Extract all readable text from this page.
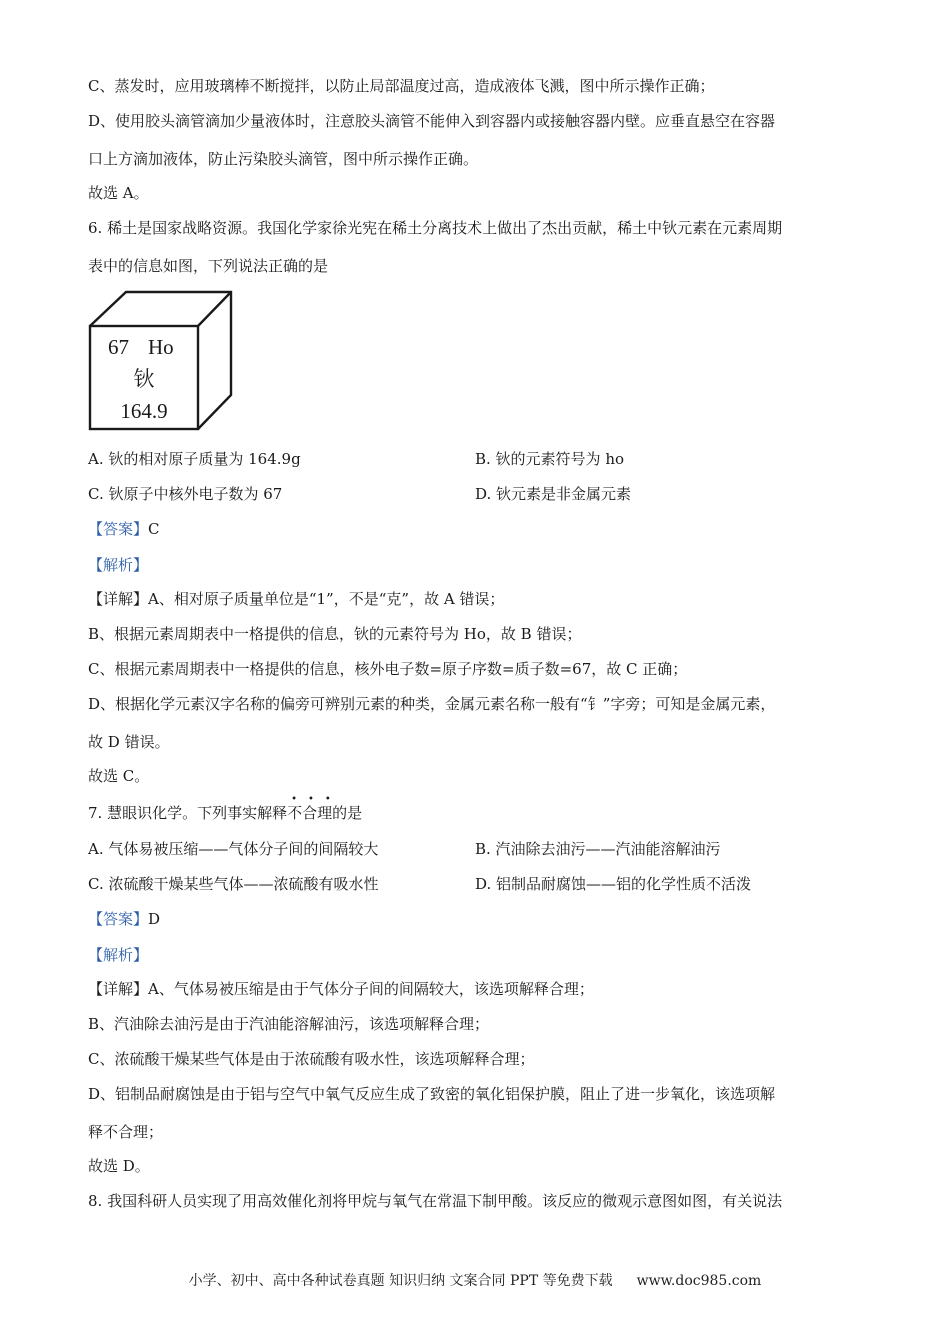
C、蒸发时，应用玻璃棒不断搅拌，以防止局部温度过高，造成液体飞溅，图中所示操作正确；
D、使用胶头滴管滴加少量液体时，注意胶头滴管不能伸入到容器内或接触容器内壁。应垂直悬空在容器
口上方滴加液体，防止污染胶头滴管，图中所示操作正确。
故选 A。
6. 稀土是国家战略资源。我国化学家徐光宪在稀土分离技术上做出了杰出贡献，稀土中钬元素在元素周期
表中的信息如图，下列说法正确的是
67 Ho
钬
164.9
A. 钬的相对原子质量为 164.9g	B. 钬的元素符号为 ho
C. 钬原子中核外电子数为 67	D. 钬元素是非金属元素
【答案】C
【解析】
【详解】A、相对原子质量单位是“1”，不是“克”，故 A 错误；
B、根据元素周期表中一格提供的信息，钬的元素符号为 Ho，故 B 错误；
C、根据元素周期表中一格提供的信息，核外电子数=原子序数=质子数=67，故 C 正确；
D、根据化学元素汉字名称的偏旁可辨别元素的种类，金属元素名称一般有“钅”字旁；可知是金属元素，
故 D 错误。
故选 C。
7. 慧眼识化学。下列事实解释
•••
不合理的是
A. 气体易被压缩——气体分子间的间隔较大	B. 汽油除去油污——汽油能溶解油污
C. 浓硫酸干燥某些气体——浓硫酸有吸水性	D. 铝制品耐腐蚀——铝的化学性质不活泼
【答案】D
【解析】
【详解】A、气体易被压缩是由于气体分子间的间隔较大，该选项解释合理；
B、汽油除去油污是由于汽油能溶解油污，该选项解释合理；
C、浓硫酸干燥某些气体是由于浓硫酸有吸水性，该选项解释合理；
D、铝制品耐腐蚀是由于铝与空气中氧气反应生成了致密的氧化铝保护膜，阻止了进一步氧化，该选项解
释不合理；
故选 D。
8. 我国科研人员实现了用高效催化剂将甲烷与氧气在常温下制甲酸。该反应的微观示意图如图，有关说法
小学、初中、高中各种试卷真题 知识归纳 文案合同 PPT 等免费下载 www.doc985.com
